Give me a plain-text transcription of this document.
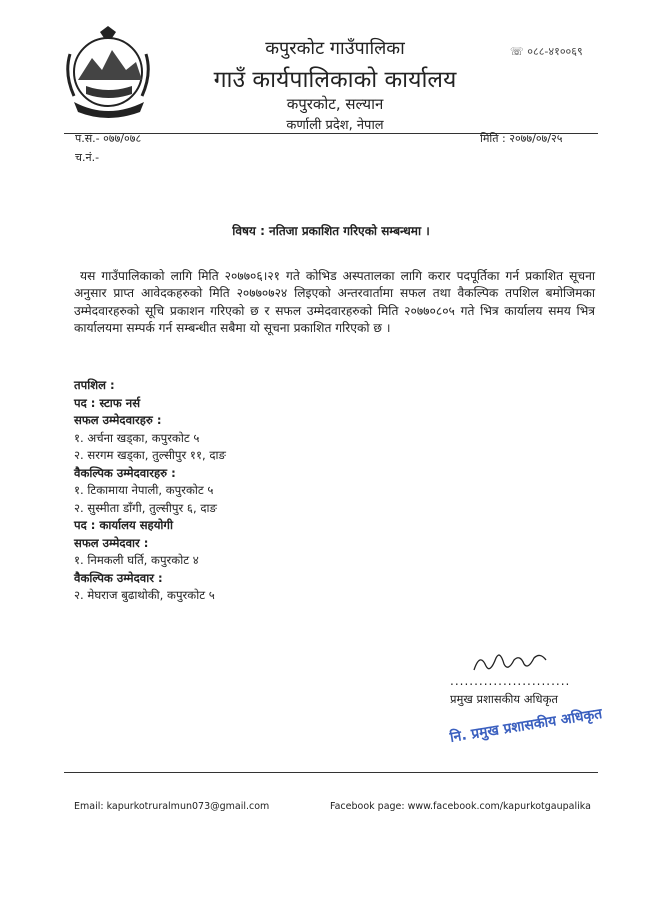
कपुरकोट गाउँपालिका
गाउँ कार्यपालिकाको कार्यालय
कपुरकोट, सल्यान
कर्णाली प्रदेश, नेपाल
☏ ०८८-४१००६९
प.सं.- ०७७/०७८
च.नं.-
मिति : २०७७/०७/२५
विषय : नतिजा प्रकाशित गरिएको सम्बन्धमा ।
यस गाउँपालिकाको लागि मिति २०७७०६।२१ गते कोभिड अस्पतालका लागि करार पदपूर्तिका गर्न प्रकाशित सूचना अनुसार प्राप्त आवेदकहरुको मिति २०७७०७२४ लिइएको अन्तरवार्तामा सफल तथा वैकल्पिक तपशिल बमोजिमका उम्मेदवारहरुको सूचि प्रकाशन गरिएको छ र सफल उम्मेदवारहरुको मिति २०७७०८०५ गते भित्र कार्यालय समय भित्र कार्यालयमा सम्पर्क गर्न सम्बन्धीत सबैमा यो सूचना प्रकाशित गरिएको छ ।
तपशिल :
पद : स्टाफ नर्स
सफल उम्मेदवारहरु :
१. अर्चना खड्का, कपुरकोट ५
२. सरगम खड्का, तुल्सीपुर ११, दाङ
वैकल्पिक उम्मेदवारहरु :
१. टिकामाया नेपाली, कपुरकोट ५
२. सुस्मीता डाँगी, तुल्सीपुर ६, दाङ
पद : कार्यालय सहयोगी
सफल उम्मेदवार :
१. निमकली घर्ति, कपुरकोट ४
वैकल्पिक उम्मेदवार :
२. मेघराज बुढाथोकी, कपुरकोट ५
.........................
प्रमुख प्रशासकीय अधिकृत
नि. प्रमुख प्रशासकीय अधिकृत
Email: kapurkotruralmun073@gmail.com	Facebook page: www.facebook.com/kapurkotgaupalika
